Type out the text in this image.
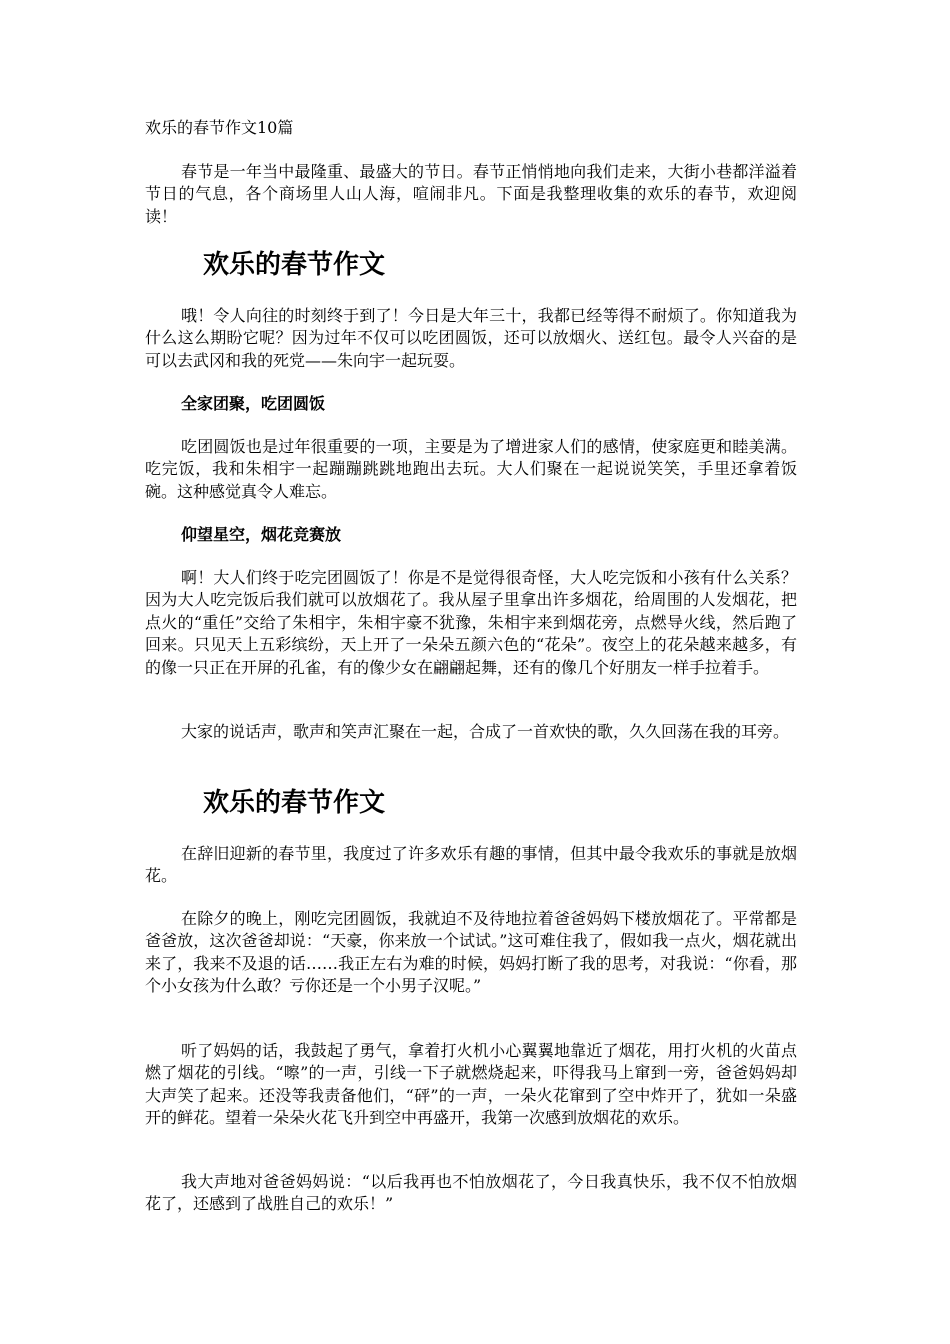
欢乐的春节作文10篇

春节是一年当中最隆重、最盛大的节日。春节正悄悄地向我们走来，大街小巷都洋溢着节日的气息，各个商场里人山人海，喧闹非凡。下面是我整理收集的欢乐的春节，欢迎阅读！

欢乐的春节作文

哦！令人向往的时刻终于到了！今日是大年三十，我都已经等得不耐烦了。你知道我为什么这么期盼它呢？因为过年不仅可以吃团圆饭，还可以放烟火、送红包。最令人兴奋的是可以去武冈和我的死党——朱向宇一起玩耍。

全家团聚，吃团圆饭

吃团圆饭也是过年很重要的一项，主要是为了增进家人们的感情，使家庭更和睦美满。吃完饭，我和朱相宇一起蹦蹦跳跳地跑出去玩。大人们聚在一起说说笑笑，手里还拿着饭碗。这种感觉真令人难忘。

仰望星空，烟花竞赛放

啊！大人们终于吃完团圆饭了！你是不是觉得很奇怪，大人吃完饭和小孩有什么关系？因为大人吃完饭后我们就可以放烟花了。我从屋子里拿出许多烟花，给周围的人发烟花，把点火的“重任”交给了朱相宇，朱相宇豪不犹豫，朱相宇来到烟花旁，点燃导火线，然后跑了回来。只见天上五彩缤纷，天上开了一朵朵五颜六色的“花朵”。夜空上的花朵越来越多，有的像一只正在开屏的孔雀，有的像少女在翩翩起舞，还有的像几个好朋友一样手拉着手。

大家的说话声，歌声和笑声汇聚在一起，合成了一首欢快的歌，久久回荡在我的耳旁。

欢乐的春节作文

在辞旧迎新的春节里，我度过了许多欢乐有趣的事情，但其中最令我欢乐的事就是放烟花。

在除夕的晚上，刚吃完团圆饭，我就迫不及待地拉着爸爸妈妈下楼放烟花了。平常都是爸爸放，这次爸爸却说：“天豪，你来放一个试试。”这可难住我了，假如我一点火，烟花就出来了，我来不及退的话……我正左右为难的时候，妈妈打断了我的思考，对我说：“你看，那个小女孩为什么敢？亏你还是一个小男子汉呢。”

听了妈妈的话，我鼓起了勇气，拿着打火机小心翼翼地靠近了烟花，用打火机的火苗点燃了烟花的引线。“嚓”的一声，引线一下子就燃烧起来，吓得我马上窜到一旁，爸爸妈妈却大声笑了起来。还没等我责备他们，“砰”的一声，一朵火花窜到了空中炸开了，犹如一朵盛开的鲜花。望着一朵朵火花飞升到空中再盛开，我第一次感到放烟花的欢乐。

我大声地对爸爸妈妈说：“以后我再也不怕放烟花了，今日我真快乐，我不仅不怕放烟花了，还感到了战胜自己的欢乐！”
